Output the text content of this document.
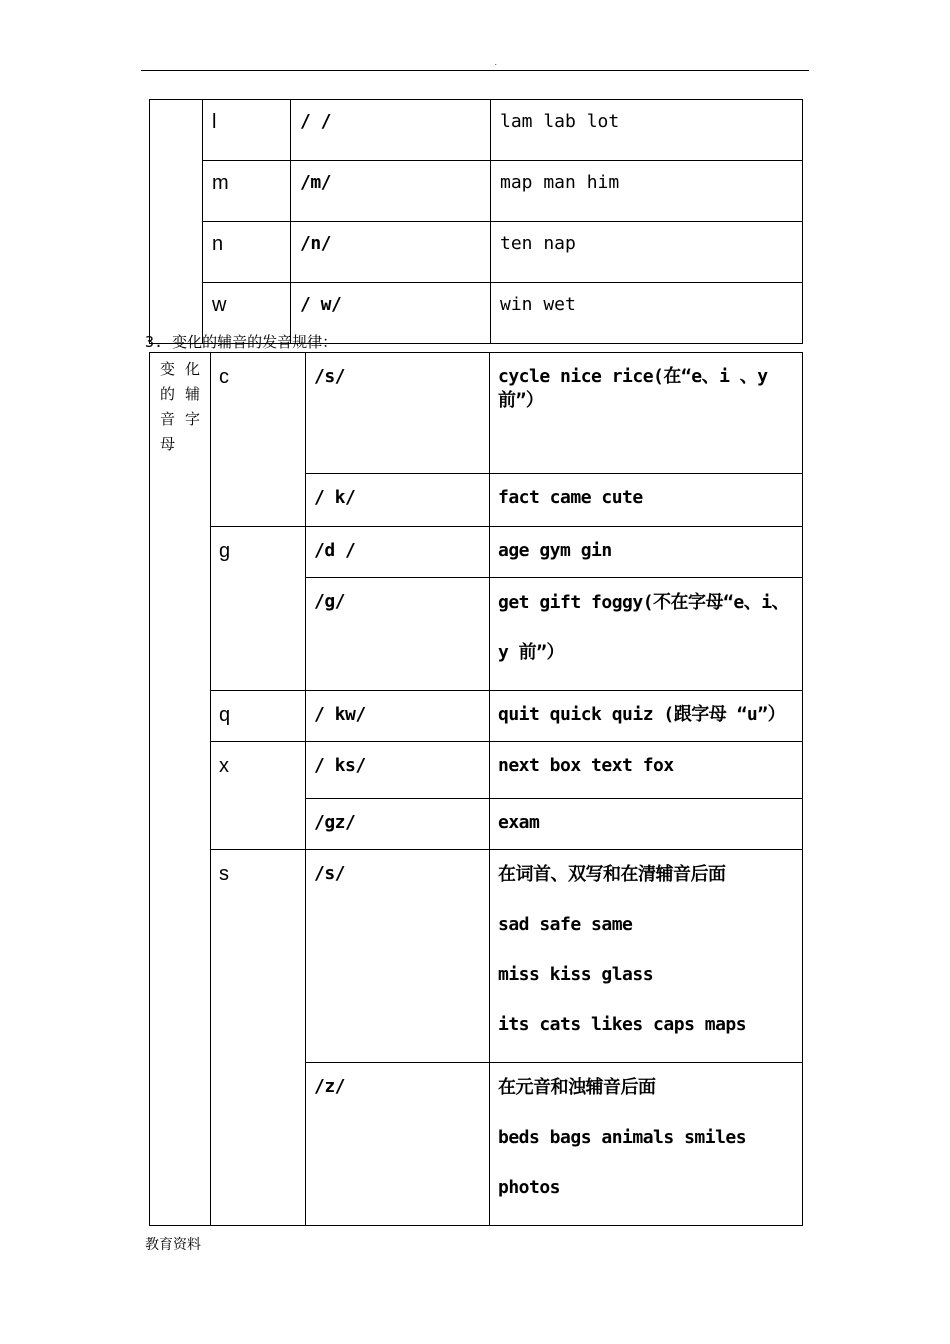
.
	l	/ /	lam lab lot
	m	/m/	map man him
	n	/n/	ten nap
	w	/ w/	win wet
3. 变化的辅音的发音规律：
变化的辅音字母	c	/s/	cycle nice rice(在“e、i 、y 前”）
		/ k/	fact came cute
	g	/d /	age gym gin
		/g/	get gift foggy(不在字母“e、i、
y 前”）

	q	/ kw/	quit quick quiz (跟字母 “u”）
	x	/ ks/	next box text fox
		/gz/	exam
	s	/s/	在词首、双写和在清辅音后面
sad safe same
miss kiss glass
its cats likes caps maps

		/z/	在元音和浊辅音后面
beds bags animals smiles
photos
教育资料
